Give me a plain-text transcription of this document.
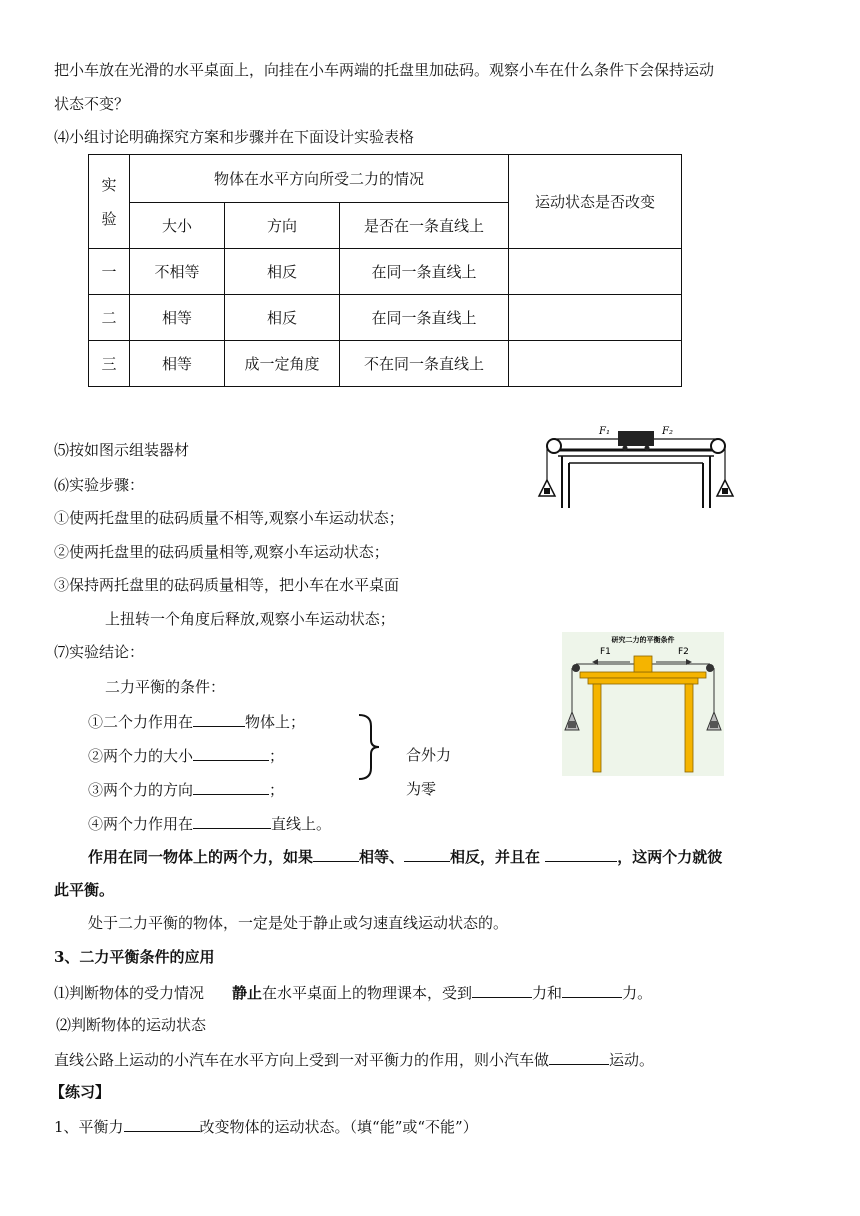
把小车放在光滑的水平桌面上，向挂在小车两端的托盘里加砝码。观察小车在什么条件下会保持运动
状态不变？
⑷小组讨论明确探究方案和步骤并在下面设计实验表格
实
验	物体在水平方向所受二力的情况			运动状态是否改变
	大小	方向	是否在一条直线上	
一	不相等	相反	在同一条直线上	
二	相等	相反	在同一条直线上	
三	相等	成一定角度	不在同一条直线上	
⑸按如图示组装器材
⑹实验步骤：
①使两托盘里的砝码质量不相等,观察小车运动状态；
②使两托盘里的砝码质量相等,观察小车运动状态；
③保持两托盘里的砝码质量相等，把小车在水平桌面
上扭转一个角度后释放,观察小车运动状态；
⑺实验结论：
二力平衡的条件：
①二个力作用在	物体上；
②两个力的大小	；
③两个力的方向	；
④两个力作用在	直线上。
合外力
为零
作用在同一物体上的两个力，如果	相等、	相反，并且在	，这两个力就彼
此平衡。
处于二力平衡的物体，一定是处于静止或匀速直线运动状态的。
3、二力平衡条件的应用
⑴判断物体的受力情况 静止在水平桌面上的物理课本，受到	力和	力。
⑵判断物体的运动状态
直线公路上运动的小汽车在水平方向上受到一对平衡力的作用，则小汽车做	运动。
【练习】
1、平衡力	改变物体的运动状态。（填“能”或“不能”）
F₁	F₂
研究二力的平衡条件
F1	F2
